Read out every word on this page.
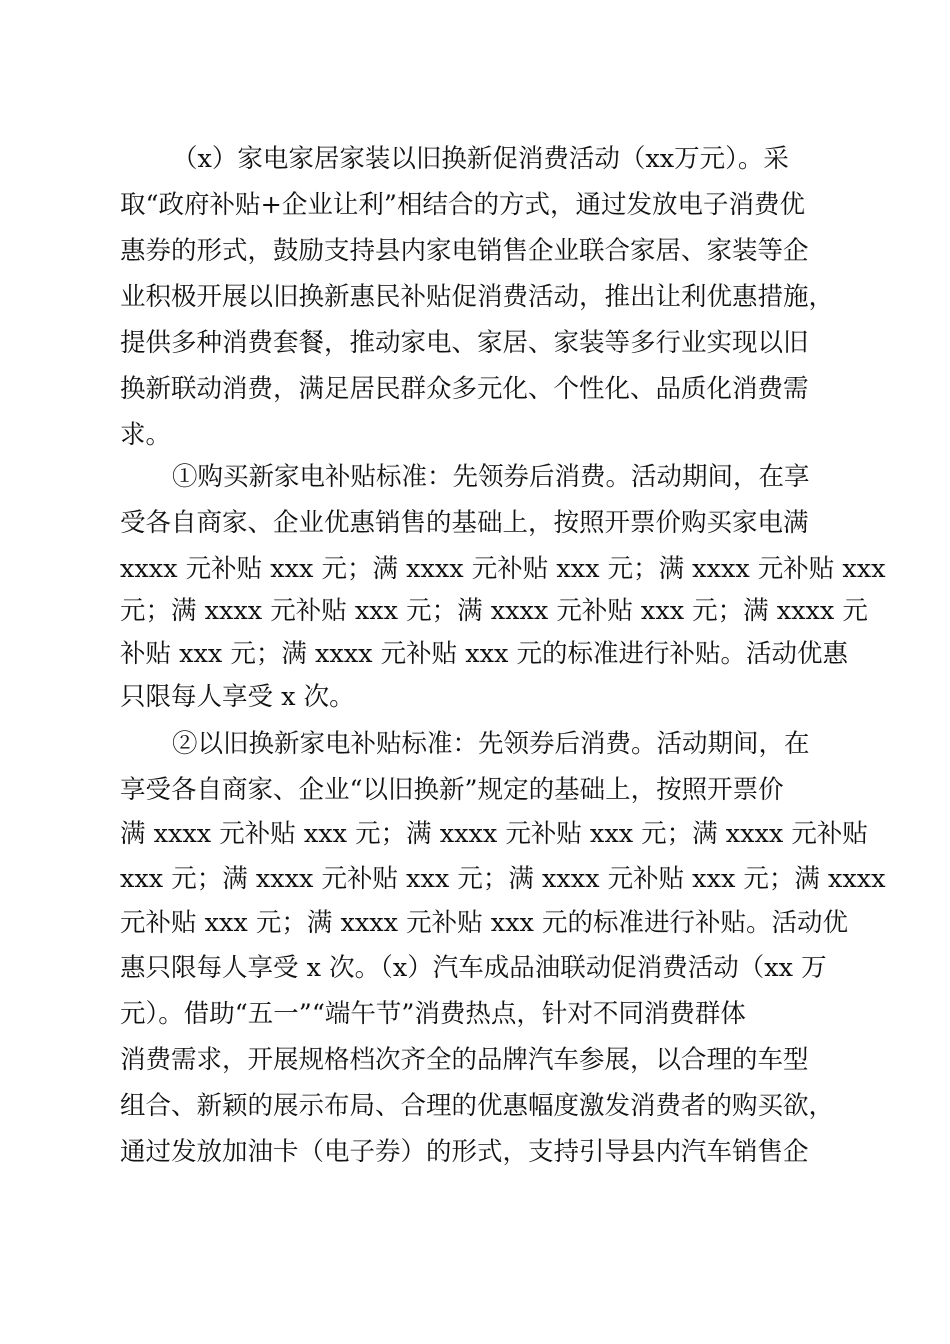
（x）家电家居家装以旧换新促消费活动（xx万元）。采
取“政府补贴+企业让利”相结合的方式，通过发放电子消费优
惠券的形式，鼓励支持县内家电销售企业联合家居、家装等企
业积极开展以旧换新惠民补贴促消费活动，推出让利优惠措施，
提供多种消费套餐，推动家电、家居、家装等多行业实现以旧
换新联动消费，满足居民群众多元化、个性化、品质化消费需
求。
①购买新家电补贴标准：先领券后消费。活动期间，在享
受各自商家、企业优惠销售的基础上，按照开票价购买家电满
xxxx 元补贴 xxx 元；满 xxxx 元补贴 xxx 元；满 xxxx 元补贴 xxx
元；满 xxxx 元补贴 xxx 元；满 xxxx 元补贴 xxx 元；满 xxxx 元
补贴 xxx 元；满 xxxx 元补贴 xxx 元的标准进行补贴。活动优惠
只限每人享受 x 次。
②以旧换新家电补贴标准：先领券后消费。活动期间，在
享受各自商家、企业“以旧换新”规定的基础上，按照开票价
满 xxxx 元补贴 xxx 元；满 xxxx 元补贴 xxx 元；满 xxxx 元补贴
xxx 元；满 xxxx 元补贴 xxx 元；满 xxxx 元补贴 xxx 元；满 xxxx
元补贴 xxx 元；满 xxxx 元补贴 xxx 元的标准进行补贴。活动优
惠只限每人享受 x 次。（x）汽车成品油联动促消费活动（xx 万
元）。借助“五一”“端午节”消费热点，针对不同消费群体
消费需求，开展规格档次齐全的品牌汽车参展，以合理的车型
组合、新颖的展示布局、合理的优惠幅度激发消费者的购买欲，
通过发放加油卡（电子券）的形式，支持引导县内汽车销售企
